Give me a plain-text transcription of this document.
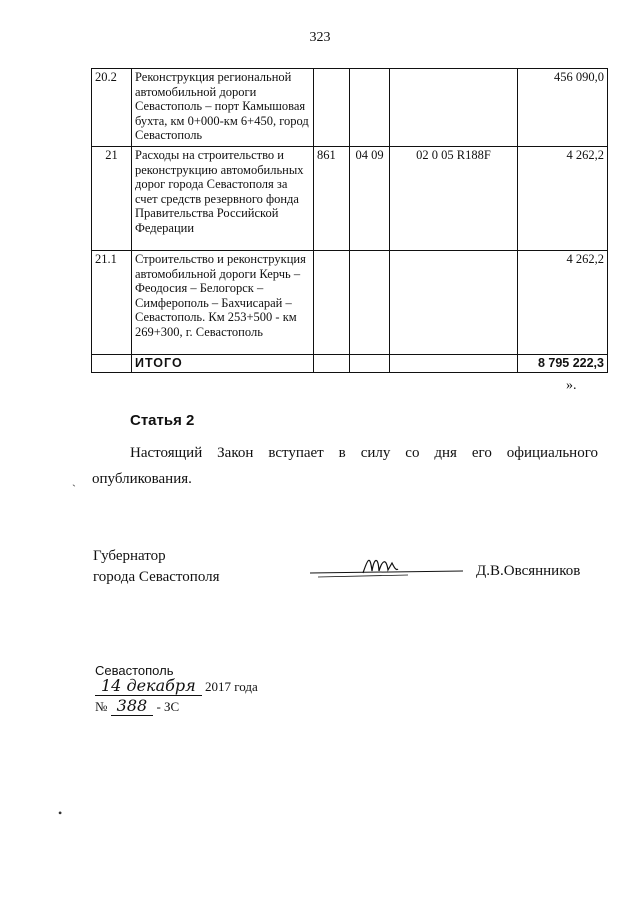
323
20.2	Реконструкция региональной автомобильной дороги Севастополь – порт Камышовая бухта, км 0+000-км 6+450, город Севастополь				456 090,0
21	Расходы на строительство и реконструкцию автомобильных дорог города Севастополя за счет средств резервного фонда Правительства Российской Федерации	861	04 09	02 0 05 R188F	4 262,2
21.1	Строительство и реконструкция автомобильной дороги Керчь – Феодосия – Белогорск – Симферополь – Бахчисарай – Севастополь. Км 253+500 - км 269+300, г. Севастополь				4 262,2
	ИТОГО				8 795 222,3
».
Статья 2
Настоящий Закон вступает в силу со дня его официального опубликования.
Губернатор
города Севастополя	Д.В.Овсянников
Севастополь
14 декабря 2017 года
№ 388 - ЗС
`
•
